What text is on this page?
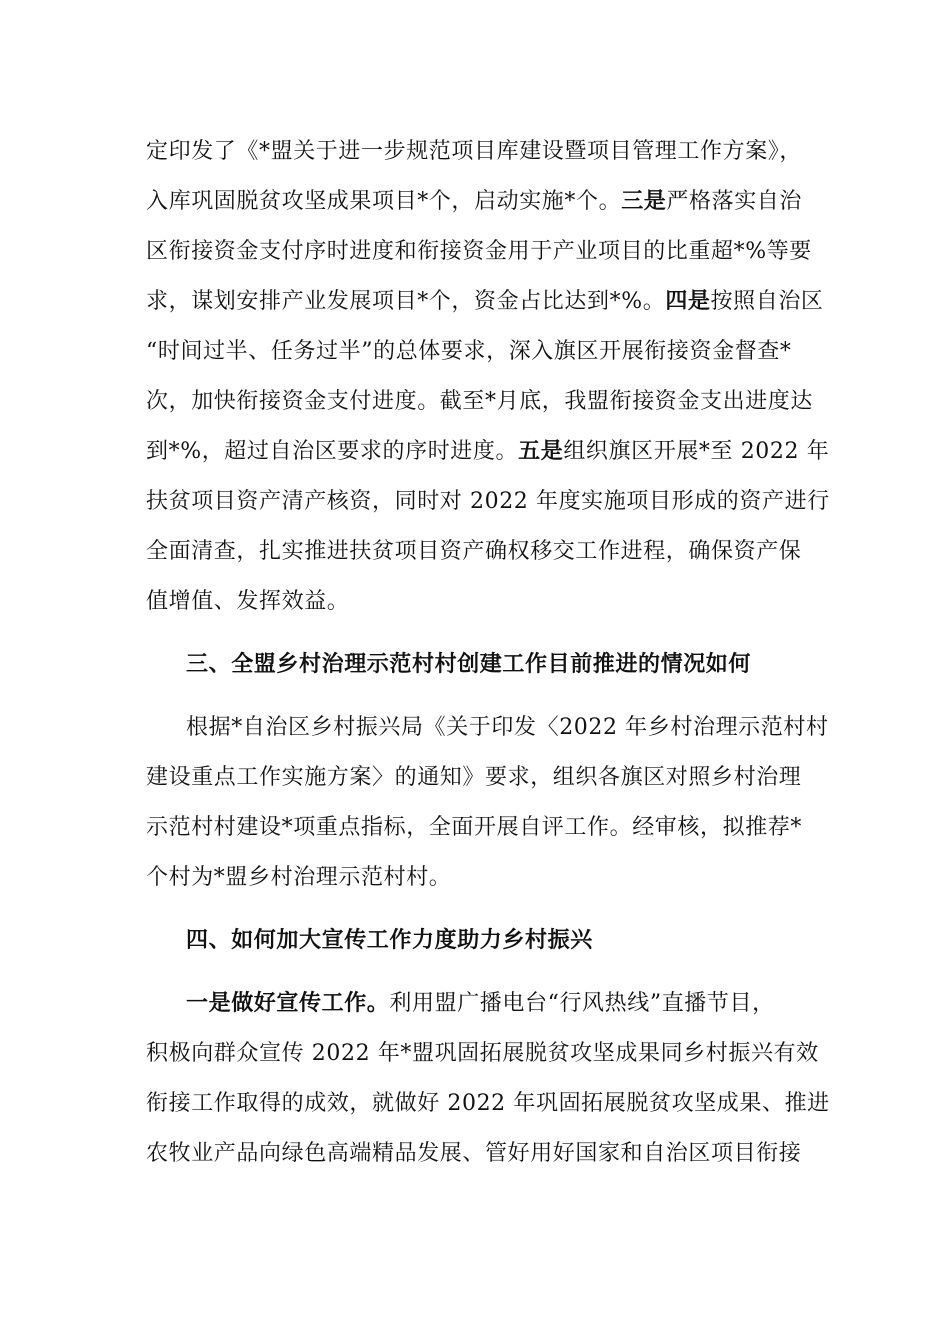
定印发了《*盟关于进一步规范项目库建设暨项目管理工作方案》，
入库巩固脱贫攻坚成果项目*个，启动实施*个。三是严格落实自治
区衔接资金支付序时进度和衔接资金用于产业项目的比重超*%等要
求，谋划安排产业发展项目*个，资金占比达到*%。四是按照自治区
“时间过半、任务过半”的总体要求，深入旗区开展衔接资金督查*
次，加快衔接资金支付进度。截至*月底，我盟衔接资金支出进度达
到*%，超过自治区要求的序时进度。五是组织旗区开展*至 2022 年
扶贫项目资产清产核资，同时对 2022 年度实施项目形成的资产进行
全面清查，扎实推进扶贫项目资产确权移交工作进程，确保资产保
值增值、发挥效益。
三、全盟乡村治理示范村村创建工作目前推进的情况如何
根据*自治区乡村振兴局《关于印发〈2022 年乡村治理示范村村
建设重点工作实施方案〉的通知》要求，组织各旗区对照乡村治理
示范村村建设*项重点指标，全面开展自评工作。经审核，拟推荐*
个村为*盟乡村治理示范村村。
四、如何加大宣传工作力度助力乡村振兴
一是做好宣传工作。利用盟广播电台“行风热线”直播节目，
积极向群众宣传 2022 年*盟巩固拓展脱贫攻坚成果同乡村振兴有效
衔接工作取得的成效，就做好 2022 年巩固拓展脱贫攻坚成果、推进
农牧业产品向绿色高端精品发展、管好用好国家和自治区项目衔接
